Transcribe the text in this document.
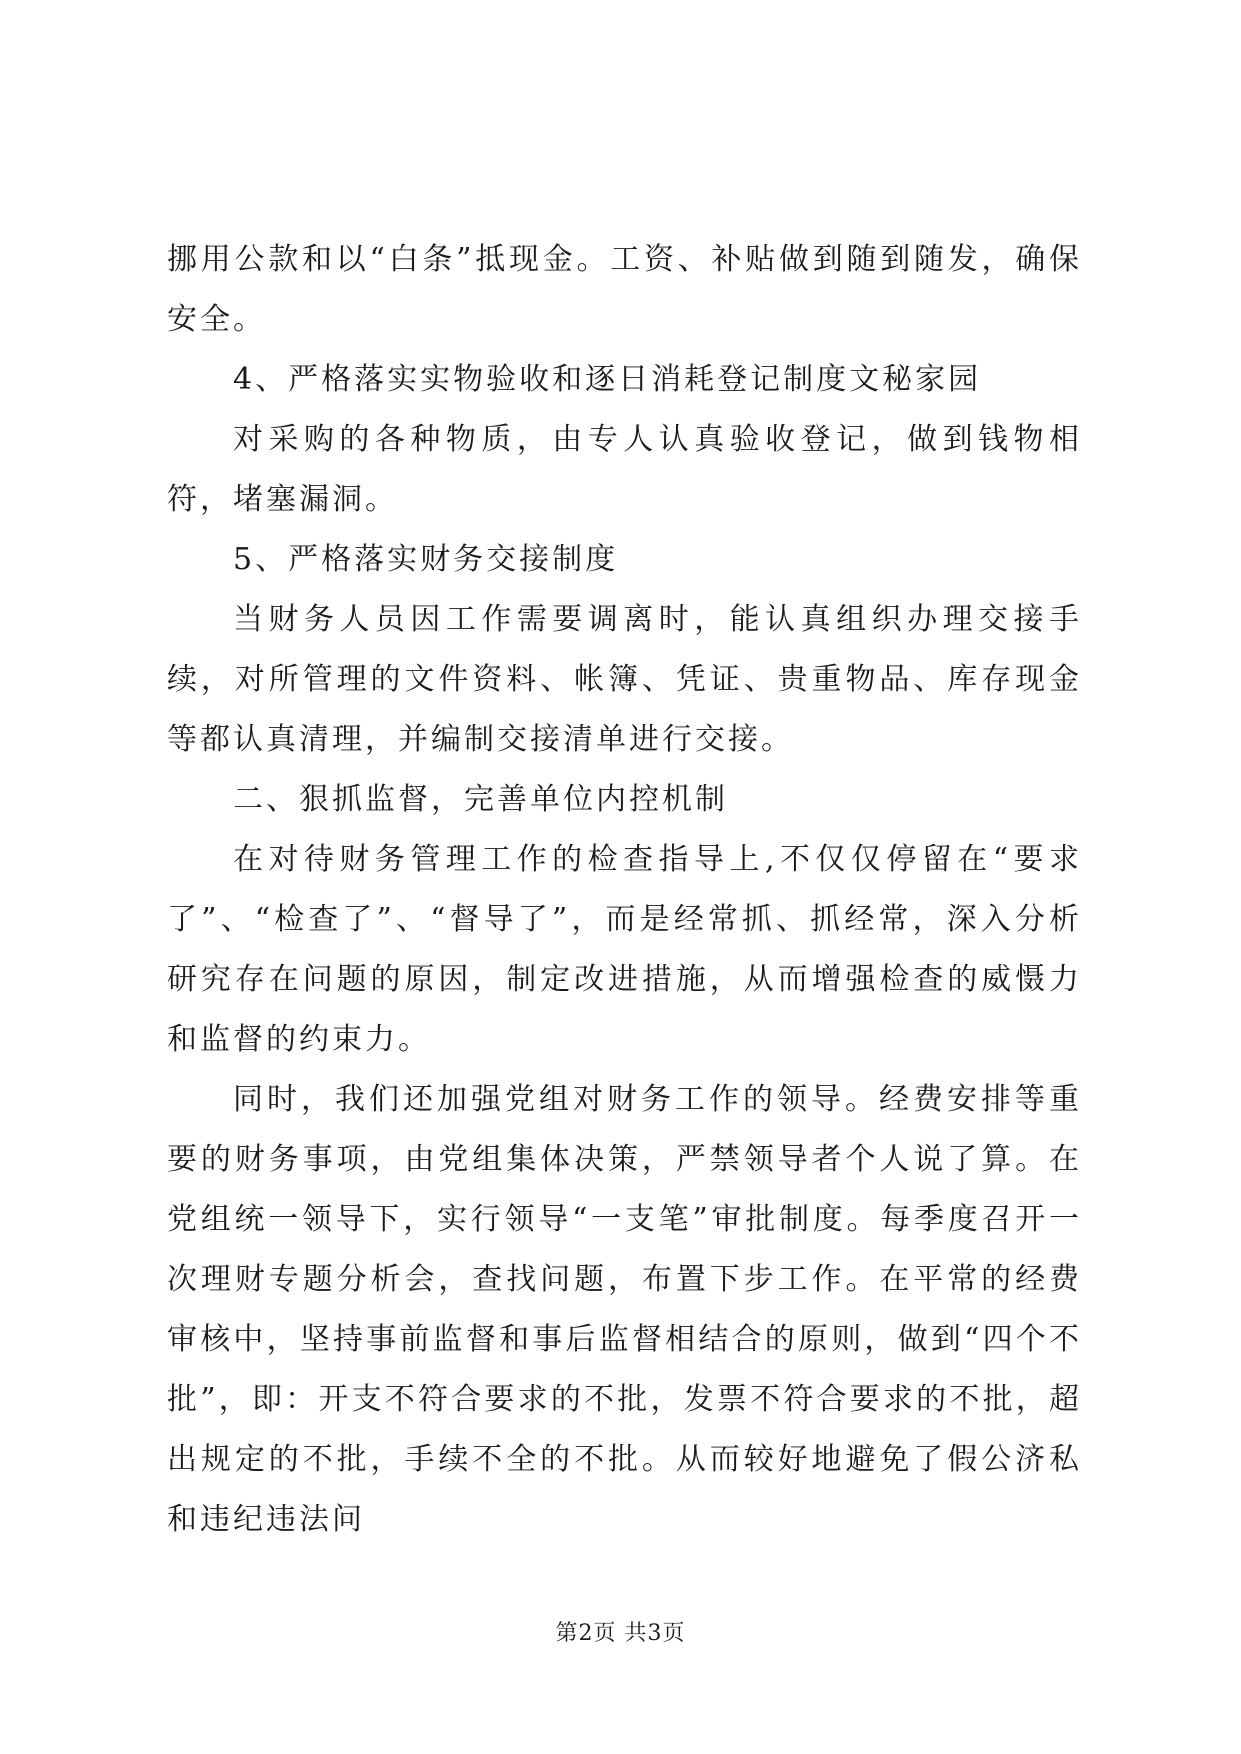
挪用公款和以“白条”抵现金。工资、补贴做到随到随发，确保安全。

4、严格落实实物验收和逐日消耗登记制度文秘家园

对采购的各种物质，由专人认真验收登记，做到钱物相符，堵塞漏洞。

5、严格落实财务交接制度

当财务人员因工作需要调离时，能认真组织办理交接手续，对所管理的文件资料、帐簿、凭证、贵重物品、库存现金等都认真清理，并编制交接清单进行交接。

二、狠抓监督，完善单位内控机制

在对待财务管理工作的检查指导上,不仅仅停留在“要求了”、“检查了”、“督导了”，而是经常抓、抓经常，深入分析研究存在问题的原因，制定改进措施，从而增强检查的威慑力和监督的约束力。

同时，我们还加强党组对财务工作的领导。经费安排等重要的财务事项，由党组集体决策，严禁领导者个人说了算。在党组统一领导下，实行领导“一支笔”审批制度。每季度召开一次理财专题分析会，查找问题，布置下步工作。在平常的经费审核中，坚持事前监督和事后监督相结合的原则，做到“四个不批”，即：开支不符合要求的不批，发票不符合要求的不批，超出规定的不批，手续不全的不批。从而较好地避免了假公济私和违纪违法问

第2页 共3页
